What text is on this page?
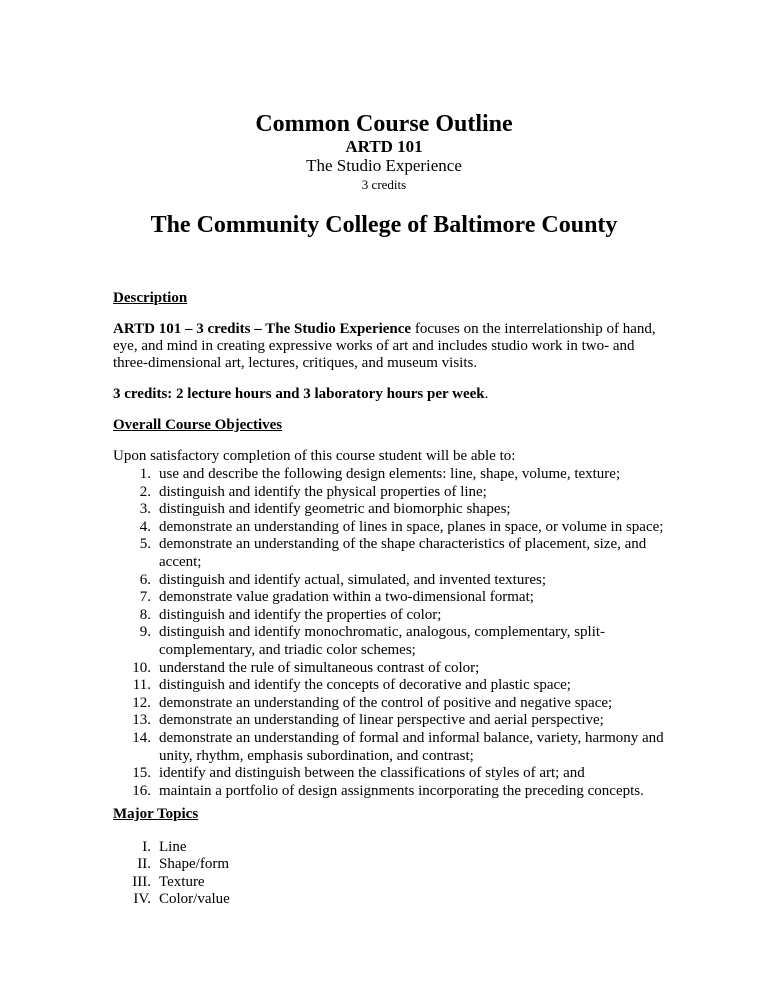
Common Course Outline
ARTD 101
The Studio Experience
3 credits
The Community College of Baltimore County
Description
ARTD 101 – 3 credits – The Studio Experience focuses on the interrelationship of hand, eye, and mind in creating expressive works of art and includes studio work in two- and three-dimensional art, lectures, critiques, and museum visits.
3 credits: 2 lecture hours and 3 laboratory hours per week.
Overall Course Objectives
Upon satisfactory completion of this course student will be able to:
1. use and describe the following design elements: line, shape, volume, texture;
2. distinguish and identify the physical properties of line;
3. distinguish and identify geometric and biomorphic shapes;
4. demonstrate an understanding of lines in space, planes in space, or volume in space;
5. demonstrate an understanding of the shape characteristics of placement, size, and accent;
6. distinguish and identify actual, simulated, and invented textures;
7. demonstrate value gradation within a two-dimensional format;
8. distinguish and identify the properties of color;
9. distinguish and identify monochromatic, analogous, complementary, split-complementary, and triadic color schemes;
10. understand the rule of simultaneous contrast of color;
11. distinguish and identify the concepts of decorative and plastic space;
12. demonstrate an understanding of the control of positive and negative space;
13. demonstrate an understanding of linear perspective and aerial perspective;
14. demonstrate an understanding of formal and informal balance, variety, harmony and unity, rhythm, emphasis subordination, and contrast;
15. identify and distinguish between the classifications of styles of art; and
16. maintain a portfolio of design assignments incorporating the preceding concepts.
Major Topics
I. Line
II. Shape/form
III. Texture
IV. Color/value
